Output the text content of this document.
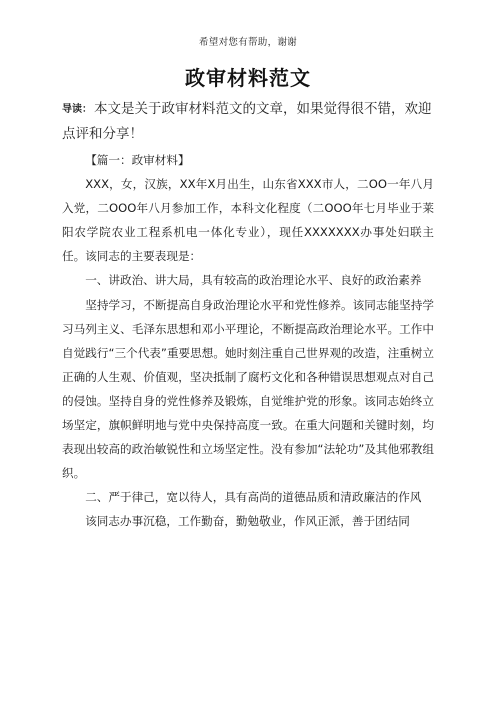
希望对您有帮助，谢谢
政审材料范文
导读： 本文是关于政审材料范文的文章，如果觉得很不错，欢迎点评和分享！

【篇一：政审材料】

XXX，女，汉族，XX年X月出生，山东省XXX市人，二OO一年八月入党，二OOO年八月参加工作，本科文化程度（二OOO年七月毕业于莱阳农学院农业工程系机电一体化专业），现任XXXXXXX办事处妇联主任。该同志的主要表现是：

一、讲政治、讲大局，具有较高的政治理论水平、良好的政治素养

坚持学习，不断提高自身政治理论水平和党性修养。该同志能坚持学习马列主义、毛泽东思想和邓小平理论，不断提高政治理论水平。工作中自觉践行“三个代表”重要思想。她时刻注重自己世界观的改造，注重树立正确的人生观、价值观，坚决抵制了腐朽文化和各种错误思想观点对自己的侵蚀。坚持自身的党性修养及锻炼，自觉维护党的形象。该同志始终立场坚定，旗帜鲜明地与党中央保持高度一致。在重大问题和关键时刻，均表现出较高的政治敏锐性和立场坚定性。没有参加“法轮功”及其他邪教组织。

二、严于律己，宽以待人，具有高尚的道德品质和清政廉洁的作风

该同志办事沉稳，工作勤奋，勤勉敬业，作风正派，善于团结同
